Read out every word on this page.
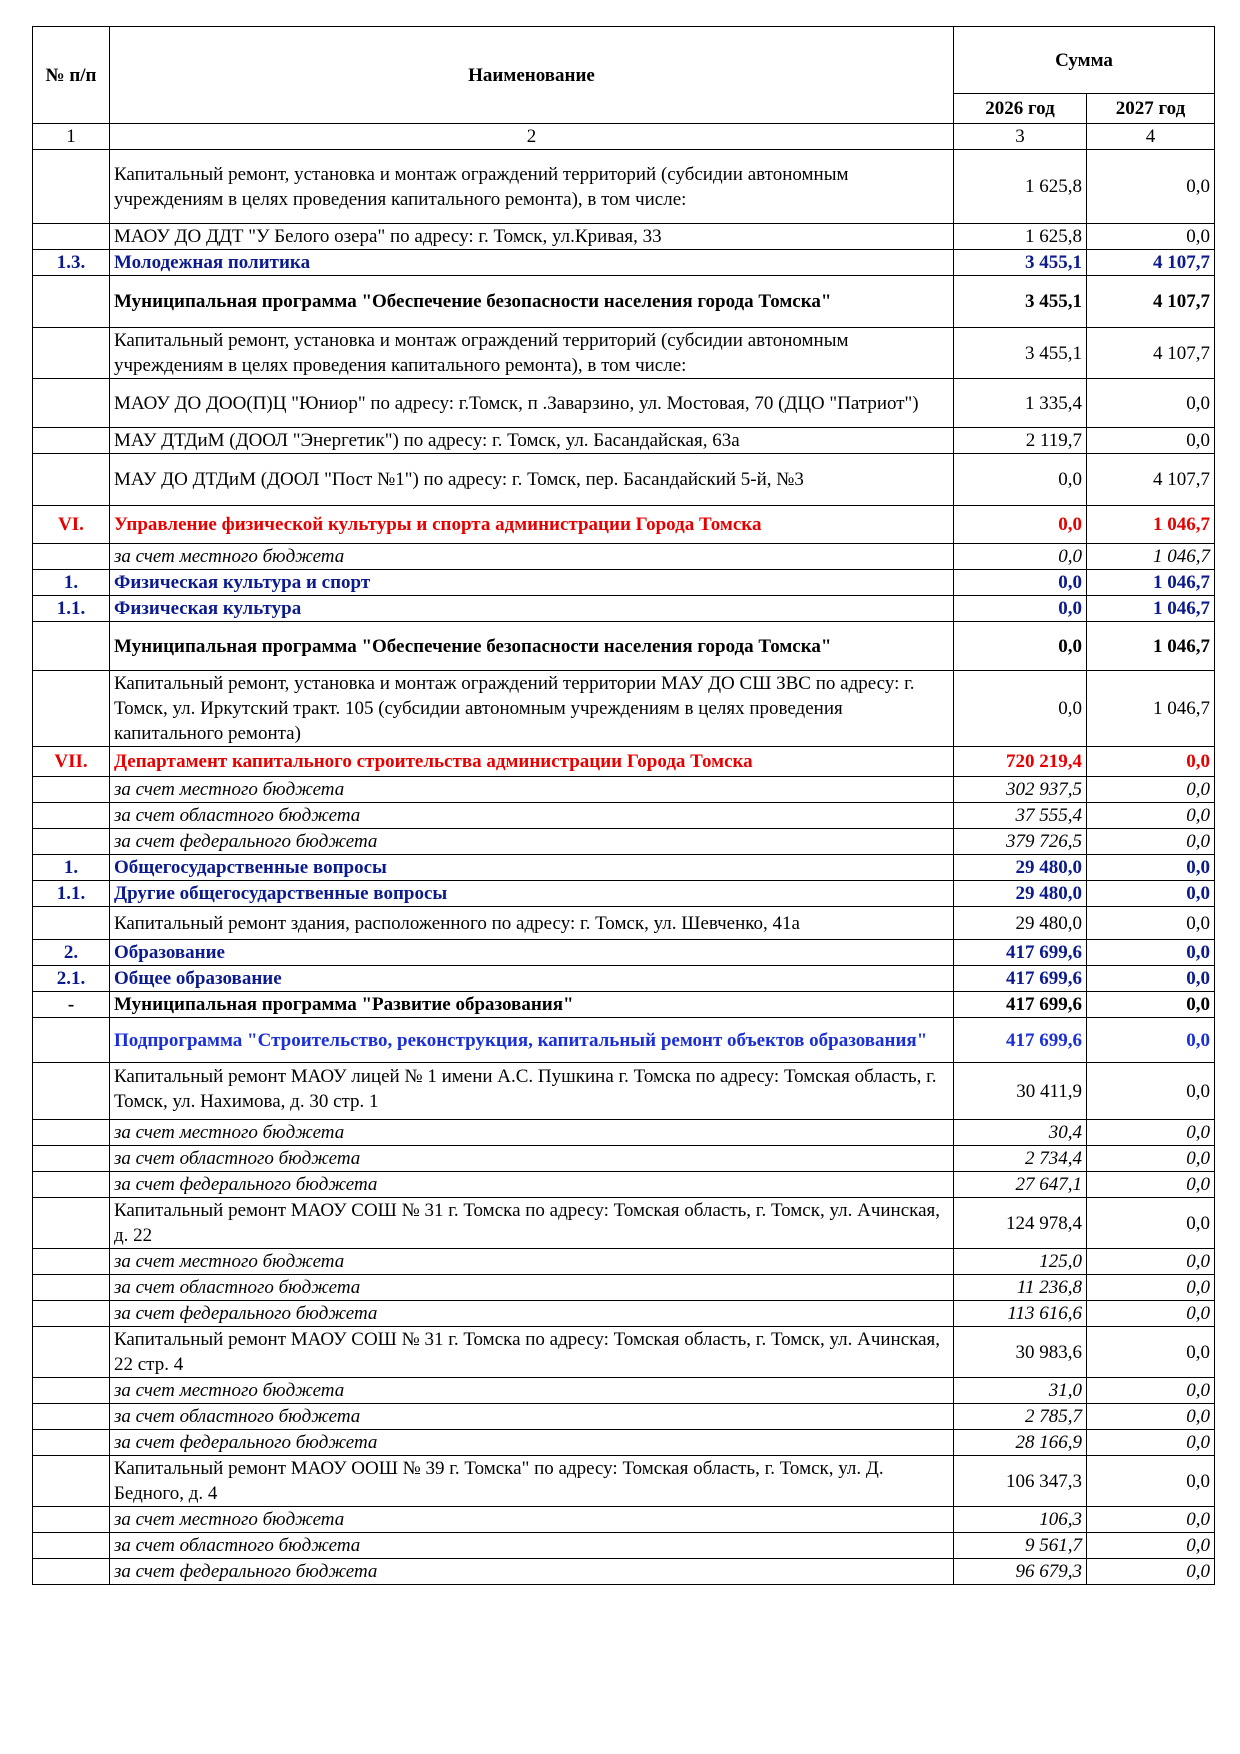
№ п/п	Наименование	Сумма	
		2026 год	2027 год
1	2	3	4
	Капитальный ремонт, установка и монтаж ограждений территорий (субсидии автономным учреждениям в целях проведения капитального ремонта), в том числе:	1 625,8	0,0
	МАОУ ДО ДДТ "У Белого озера" по адресу: г. Томск, ул.Кривая, 33	1 625,8	0,0
1.3.	Молодежная политика	3 455,1	4 107,7
	Муниципальная программа "Обеспечение безопасности населения города Томска"	3 455,1	4 107,7
	Капитальный ремонт, установка и монтаж ограждений территорий (субсидии автономным учреждениям в целях проведения капитального ремонта), в том числе:	3 455,1	4 107,7
	МАОУ ДО ДОО(П)Ц "Юниор" по адресу: г.Томск, п .Заварзино, ул. Мостовая, 70 (ДЦО "Патриот")	1 335,4	0,0
	МАУ ДТДиМ (ДООЛ "Энергетик") по адресу: г. Томск, ул. Басандайская, 63а	2 119,7	0,0
	МАУ ДО ДТДиМ (ДООЛ "Пост №1") по адресу: г. Томск, пер. Басандайский 5-й, №3	0,0	4 107,7
VI.	Управление физической культуры и спорта администрации Города Томска	0,0	1 046,7
	за счет местного бюджета	0,0	1 046,7
1.	Физическая культура и спорт	0,0	1 046,7
1.1.	Физическая культура	0,0	1 046,7
	Муниципальная программа "Обеспечение безопасности населения города Томска"	0,0	1 046,7
	Капитальный ремонт, установка и монтаж ограждений территории МАУ ДО СШ ЗВС по адресу: г. Томск, ул. Иркутский тракт. 105 (субсидии автономным учреждениям в целях проведения капитального ремонта)	0,0	1 046,7
VII.	Департамент капитального строительства администрации Города Томска	720 219,4	0,0
	за счет местного бюджета	302 937,5	0,0
	за счет областного бюджета	37 555,4	0,0
	за счет федерального бюджета	379 726,5	0,0
1.	Общегосударственные вопросы	29 480,0	0,0
1.1.	Другие общегосударственные вопросы	29 480,0	0,0
	Капитальный ремонт здания, расположенного по адресу: г. Томск, ул. Шевченко, 41а	29 480,0	0,0
2.	Образование	417 699,6	0,0
2.1.	Общее образование	417 699,6	0,0
-	Муниципальная программа "Развитие образования"	417 699,6	0,0
	Подпрограмма "Строительство, реконструкция, капитальный ремонт объектов образования"	417 699,6	0,0

	Капитальный ремонт МАОУ лицей № 1 имени А.С. Пушкина г. Томска по адресу: Томская область, г. Томск, ул. Нахимова, д. 30 стр. 1	30 411,9	0,0
	за счет местного бюджета	30,4	0,0
	за счет областного бюджета	2 734,4	0,0
	за счет федерального бюджета	27 647,1	0,0
	Капитальный ремонт МАОУ СОШ № 31 г. Томска по адресу: Томская область, г. Томск, ул. Ачинская, д. 22	124 978,4	0,0
	за счет местного бюджета	125,0	0,0
	за счет областного бюджета	11 236,8	0,0
	за счет федерального бюджета	113 616,6	0,0
	Капитальный ремонт МАОУ СОШ № 31 г. Томска по адресу: Томская область, г. Томск, ул. Ачинская, 22 стр. 4	30 983,6	0,0
	за счет местного бюджета	31,0	0,0
	за счет областного бюджета	2 785,7	0,0
	за счет федерального бюджета	28 166,9	0,0
	Капитальный ремонт МАОУ ООШ № 39 г. Томска" по адресу: Томская область, г. Томск, ул. Д. Бедного, д. 4	106 347,3	0,0
	за счет местного бюджета	106,3	0,0
	за счет областного бюджета	9 561,7	0,0
	за счет федерального бюджета	96 679,3	0,0
